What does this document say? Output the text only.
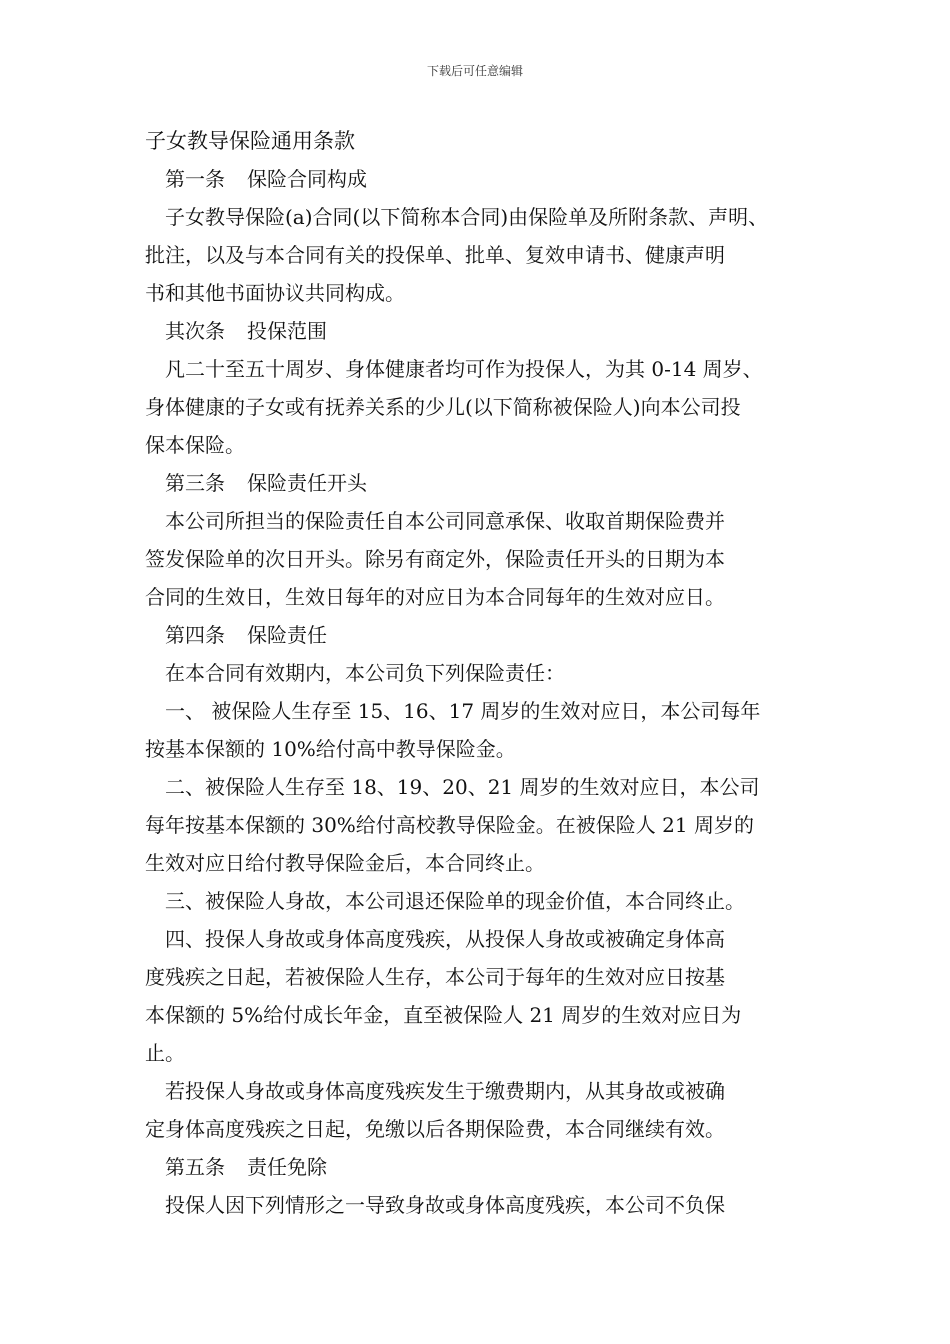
下载后可任意编辑
子女教导保险通用条款

第一条 保险合同构成

子女教导保险(a)合同(以下简称本合同)由保险单及所附条款、声明、

批注，以及与本合同有关的投保单、批单、复效申请书、健康声明

书和其他书面协议共同构成。

其次条 投保范围

凡二十至五十周岁、身体健康者均可作为投保人，为其 0-14 周岁、

身体健康的子女或有抚养关系的少儿(以下简称被保险人)向本公司投

保本保险。

第三条 保险责任开头

本公司所担当的保险责任自本公司同意承保、收取首期保险费并

签发保险单的次日开头。除另有商定外，保险责任开头的日期为本

合同的生效日，生效日每年的对应日为本合同每年的生效对应日。

第四条 保险责任

在本合同有效期内，本公司负下列保险责任：

一、 被保险人生存至 15、16、17 周岁的生效对应日，本公司每年

按基本保额的 10%给付高中教导保险金。

二、被保险人生存至 18、19、20、21 周岁的生效对应日，本公司

每年按基本保额的 30%给付高校教导保险金。在被保险人 21 周岁的

生效对应日给付教导保险金后，本合同终止。

三、被保险人身故，本公司退还保险单的现金价值，本合同终止。

四、投保人身故或身体高度残疾，从投保人身故或被确定身体高

度残疾之日起，若被保险人生存，本公司于每年的生效对应日按基

本保额的 5%给付成长年金，直至被保险人 21 周岁的生效对应日为

止。

若投保人身故或身体高度残疾发生于缴费期内，从其身故或被确

定身体高度残疾之日起，免缴以后各期保险费，本合同继续有效。

第五条 责任免除

投保人因下列情形之一导致身故或身体高度残疾，本公司不负保
